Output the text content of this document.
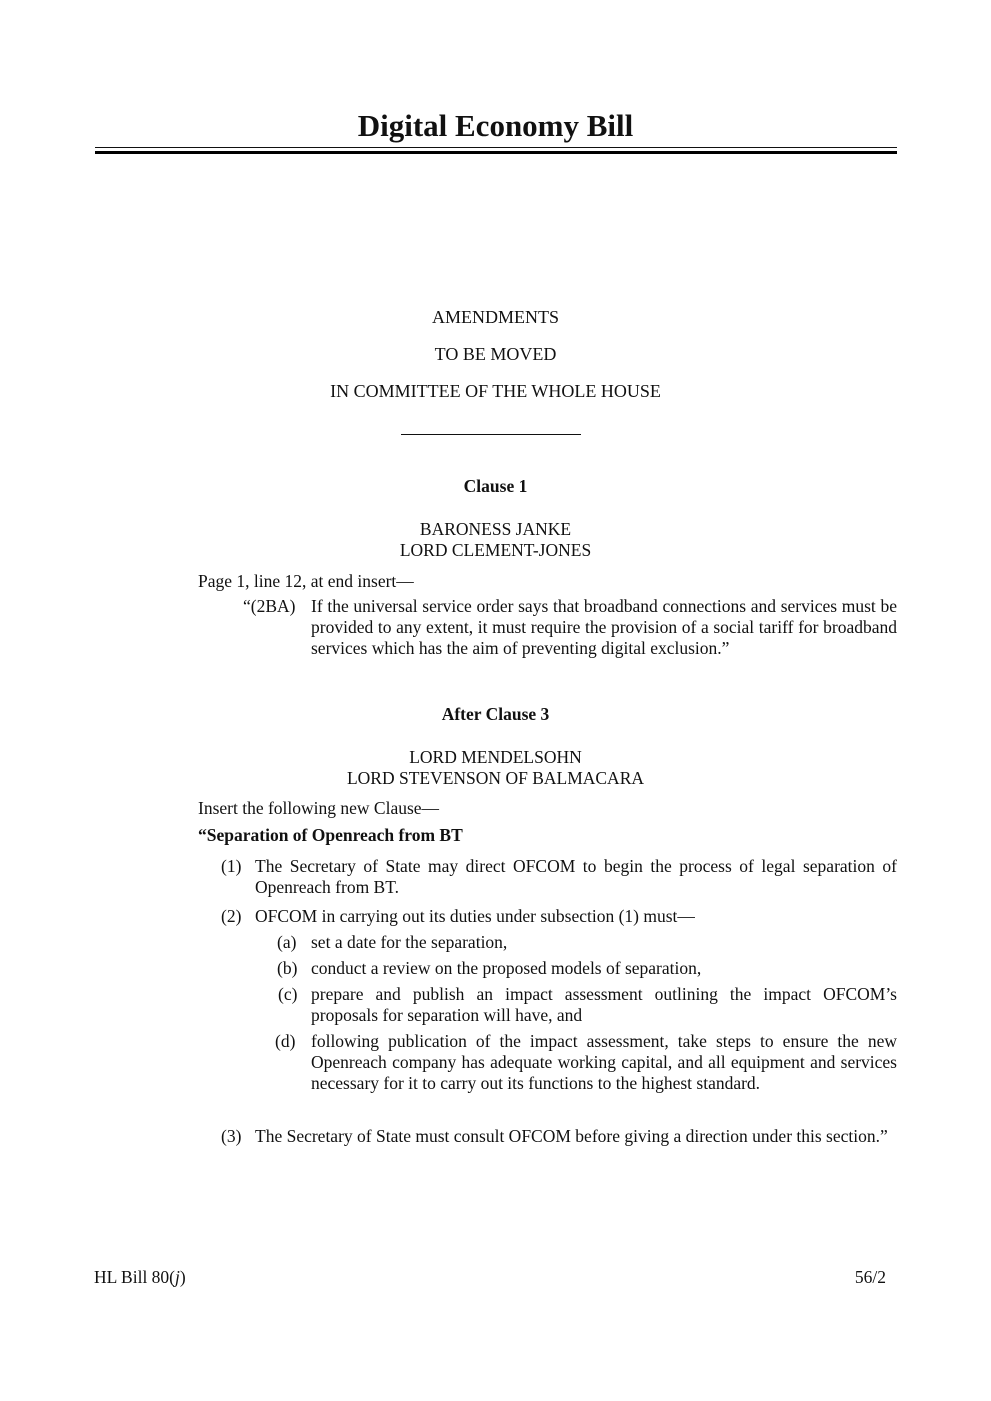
Digital Economy Bill
AMENDMENTS
TO BE MOVED
IN COMMITTEE OF THE WHOLE HOUSE
Clause 1
BARONESS JANKE
LORD CLEMENT-JONES
Page 1, line 12, at end insert—
“(2BA) If the universal service order says that broadband connections and services must be provided to any extent, it must require the provision of a social tariff for broadband services which has the aim of preventing digital exclusion.”
After Clause 3
LORD MENDELSOHN
LORD STEVENSON OF BALMACARA
Insert the following new Clause—
“Separation of Openreach from BT
(1) The Secretary of State may direct OFCOM to begin the process of legal separation of Openreach from BT.
(2) OFCOM in carrying out its duties under subsection (1) must—
(a) set a date for the separation,
(b) conduct a review on the proposed models of separation,
(c) prepare and publish an impact assessment outlining the impact OFCOM’s proposals for separation will have, and
(d) following publication of the impact assessment, take steps to ensure the new Openreach company has adequate working capital, and all equipment and services necessary for it to carry out its functions to the highest standard.
(3) The Secretary of State must consult OFCOM before giving a direction under this section.”
HL Bill 80(j)	56/2
